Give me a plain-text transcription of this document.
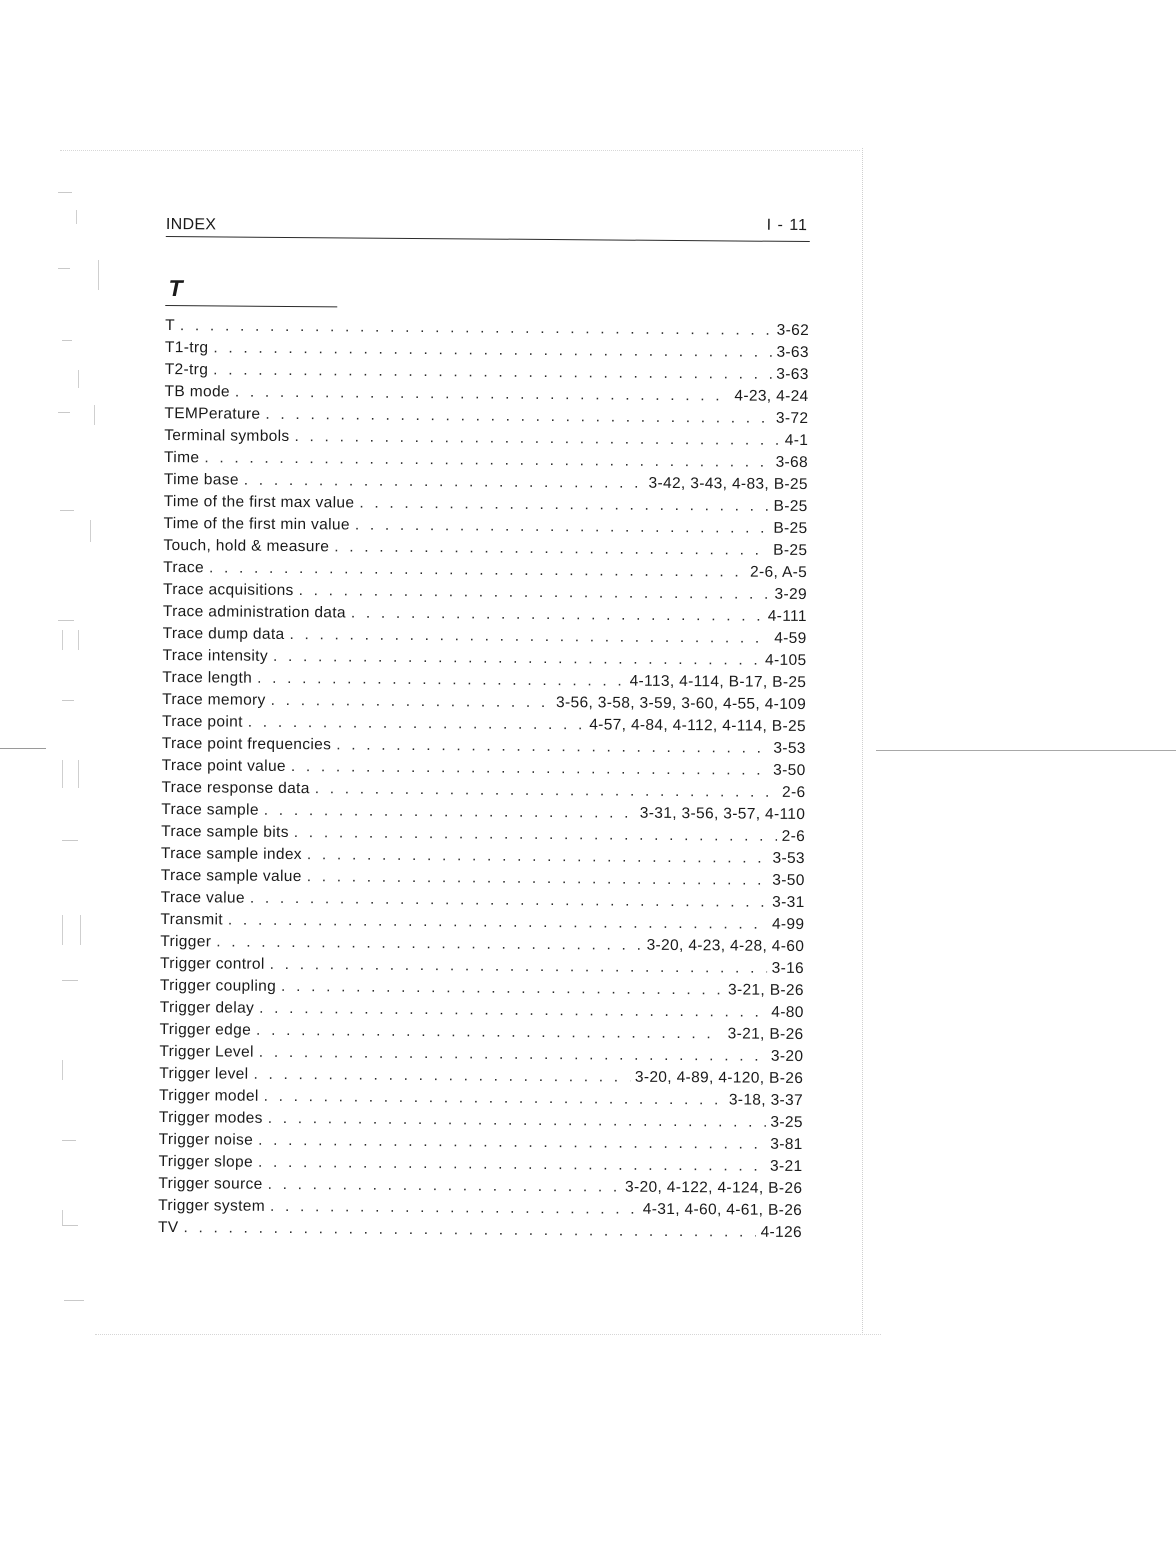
INDEX	I - 11
T
T . . .	3-62
T1-trg . . .	3-63
T2-trg . . .	3-63
TB mode . . .	4-23, 4-24
TEMPerature . . .	3-72
Terminal symbols . . .	4-1
Time . . .	3-68
Time base . . .	3-42, 3-43, 4-83, B-25
Time of the first max value . . .	B-25
Time of the first min value . . .	B-25
Touch, hold & measure . . .	B-25
Trace . . .	2-6, A-5
Trace acquisitions . . .	3-29
Trace administration data . . .	4-111
Trace dump data . . .	4-59
Trace intensity . . .	4-105
Trace length . . .	4-113, 4-114, B-17, B-25
Trace memory . . .	3-56, 3-58, 3-59, 3-60, 4-55, 4-109
Trace point . . .	4-57, 4-84, 4-112, 4-114, B-25
Trace point frequencies . . .	3-53
Trace point value . . .	3-50
Trace response data . . .	2-6
Trace sample . . .	3-31, 3-56, 3-57, 4-110
Trace sample bits . . .	2-6
Trace sample index . . .	3-53
Trace sample value . . .	3-50
Trace value . . .	3-31
Transmit . . .	4-99
Trigger . . .	3-20, 4-23, 4-28, 4-60
Trigger control . . .	3-16
Trigger coupling . . .	3-21, B-26
Trigger delay . . .	4-80
Trigger edge . . .	3-21, B-26
Trigger Level . . .	3-20
Trigger level . . .	3-20, 4-89, 4-120, B-26
Trigger model . . .	3-18, 3-37
Trigger modes . . .	3-25
Trigger noise . . .	3-81
Trigger slope . . .	3-21
Trigger source . . .	3-20, 4-122, 4-124, B-26
Trigger system . . .	4-31, 4-60, 4-61, B-26
TV . . .	4-126
